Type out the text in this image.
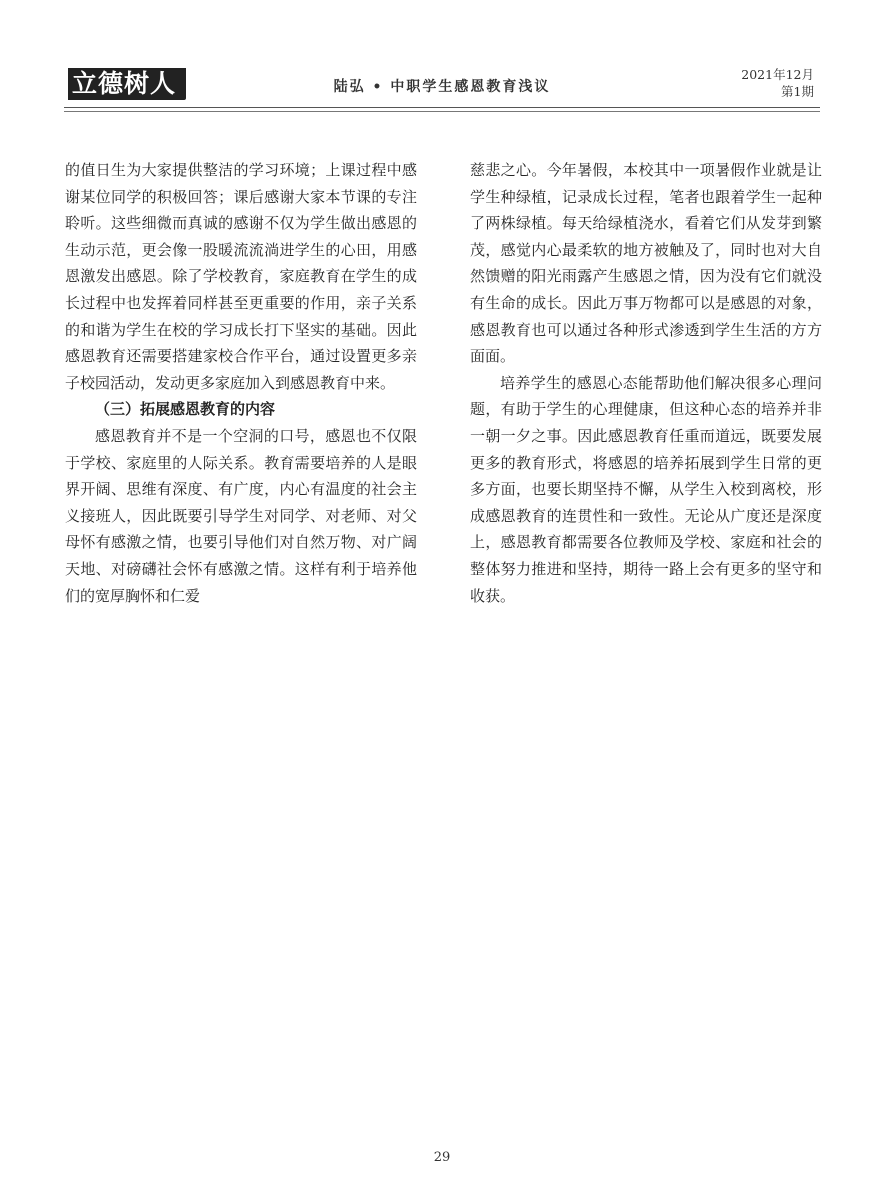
立德树人	陆弘 • 中职学生感恩教育浅议
2021年12月
第1期

的值日生为大家提供整洁的学习环境；上课过程中感谢某位同学的积极回答；课后感谢大家本节课的专注聆听。这些细微而真诚的感谢不仅为学生做出感恩的生动示范，更会像一股暖流流淌进学生的心田，用感恩激发出感恩。除了学校教育，家庭教育在学生的成长过程中也发挥着同样甚至更重要的作用，亲子关系的和谐为学生在校的学习成长打下坚实的基础。因此感恩教育还需要搭建家校合作平台，通过设置更多亲子校园活动，发动更多家庭加入到感恩教育中来。

（三）拓展感恩教育的内容

感恩教育并不是一个空洞的口号，感恩也不仅限于学校、家庭里的人际关系。教育需要培养的人是眼界开阔、思维有深度、有广度，内心有温度的社会主义接班人，因此既要引导学生对同学、对老师、对父母怀有感激之情，也要引导他们对自然万物、对广阔天地、对磅礴社会怀有感激之情。这样有利于培养他们的宽厚胸怀和仁爱

慈悲之心。今年暑假，本校其中一项暑假作业就是让学生种绿植，记录成长过程，笔者也跟着学生一起种了两株绿植。每天给绿植浇水，看着它们从发芽到繁茂，感觉内心最柔软的地方被触及了，同时也对大自然馈赠的阳光雨露产生感恩之情，因为没有它们就没有生命的成长。因此万事万物都可以是感恩的对象，感恩教育也可以通过各种形式渗透到学生生活的方方面面。

培养学生的感恩心态能帮助他们解决很多心理问题，有助于学生的心理健康，但这种心态的培养并非一朝一夕之事。因此感恩教育任重而道远，既要发展更多的教育形式，将感恩的培养拓展到学生日常的更多方面，也要长期坚持不懈，从学生入校到离校，形成感恩教育的连贯性和一致性。无论从广度还是深度上，感恩教育都需要各位教师及学校、家庭和社会的整体努力推进和坚持，期待一路上会有更多的坚守和收获。

29
